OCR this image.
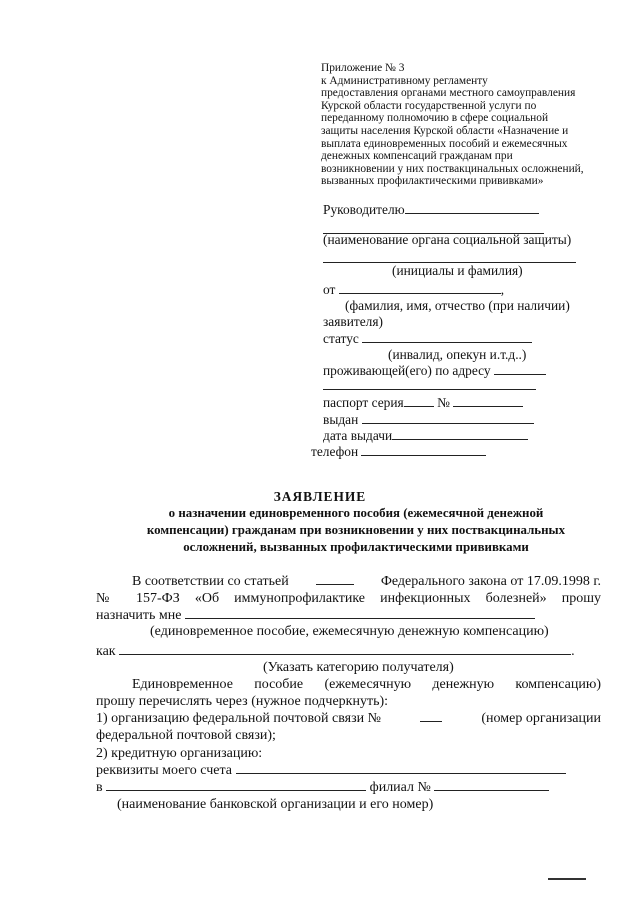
Приложение № 3
к Административному регламенту
предоставления органами местного самоуправления
Курской области государственной услуги по
переданному полномочию в сфере социальной
защиты населения Курской области «Назначение и
выплата единовременных пособий и ежемесячных
денежных компенсаций гражданам при
возникновении у них поствакцинальных осложнений,
вызванных профилактическими прививками»
Руководителю
(наименование органа социальной защиты)
(инициалы и фамилия)
от	,
(фамилия, имя, отчество (при наличии)
заявителя)
статус
(инвалид, опекун и.т.д..)
проживающей(его) по адресу
паспорт серия №
выдан
дата выдачи
телефон
ЗАЯВЛЕНИЕ
о назначении единовременного пособия (ежемесячной денежной
компенсации) гражданам при возникновении у них поствакцинальных
осложнений, вызванных профилактическими прививками
В соответствии со статьей	Федерального закона от 17.09.1998 г.
№ 157-ФЗ «Об иммунопрофилактике инфекционных болезней» прошу
назначить мне
(единовременное пособие, ежемесячную денежную компенсацию)
как	.
(Указать категорию получателя)
Единовременное пособие (ежемесячную денежную компенсацию)
прошу перечислять через (нужное подчеркнуть):
1) организацию федеральной почтовой связи №	(номер организации
федеральной почтовой связи);
2) кредитную организацию:
реквизиты моего счета
в	филиал №
(наименование банковской организации и его номер)
